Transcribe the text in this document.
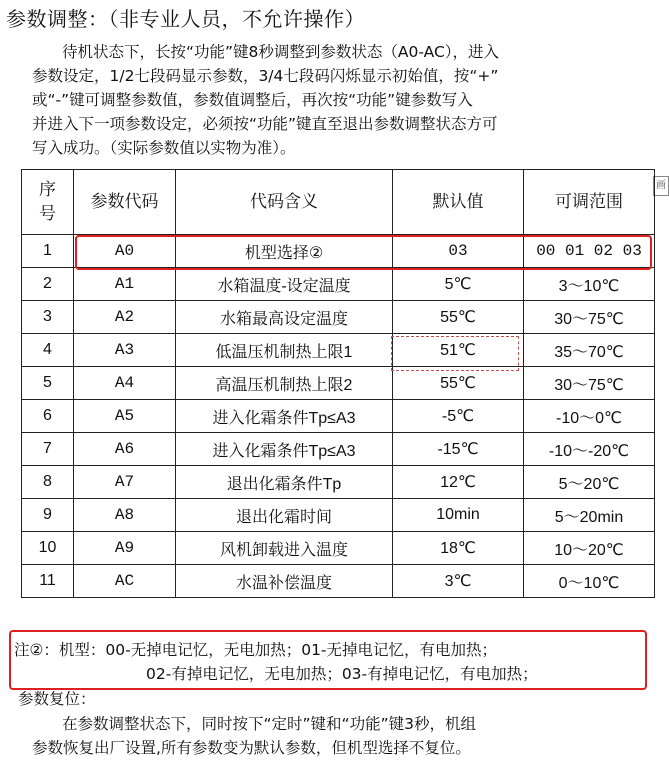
参数调整：（非专业人员，不允许操作）
待机状态下，长按“功能”键8秒调整到参数状态（A0-AC），进入
参数设定，1/2七段码显示参数，3/4七段码闪烁显示初始值，按“+”
或“-”键可调整参数值，参数值调整后，再次按“功能”键参数写入
并进入下一项参数设定，必须按“功能”键直至退出参数调整状态方可
写入成功。（实际参数值以实物为准）。
画
序号	参数代码	代码含义	默认值	可调范围
1	A0	机型选择②	03	00 01 02 03
2	A1	水箱温度-设定温度	5℃	3～10℃
3	A2	水箱最高设定温度	55℃	30～75℃
4	A3	低温压机制热上限1	51℃	35～70℃
5	A4	高温压机制热上限2	55℃	30～75℃
6	A5	进入化霜条件Tp≤A3	-5℃	-10～0℃
7	A6	进入化霜条件Tp≤A3	-15℃	-10～-20℃
8	A7	退出化霜条件Tp	12℃	5～20℃
9	A8	退出化霜时间	10min	5～20min
10	A9	风机卸载进入温度	18℃	10～20℃
11	AC	水温补偿温度	3℃	0～10℃
注②：机型：00-无掉电记忆，无电加热；01-无掉电记忆，有电加热；
02-有掉电记忆，无电加热；03-有掉电记忆，有电加热；
参数复位：
在参数调整状态下，同时按下“定时”键和“功能”键3秒，机组
参数恢复出厂设置,所有参数变为默认参数，但机型选择不复位。
